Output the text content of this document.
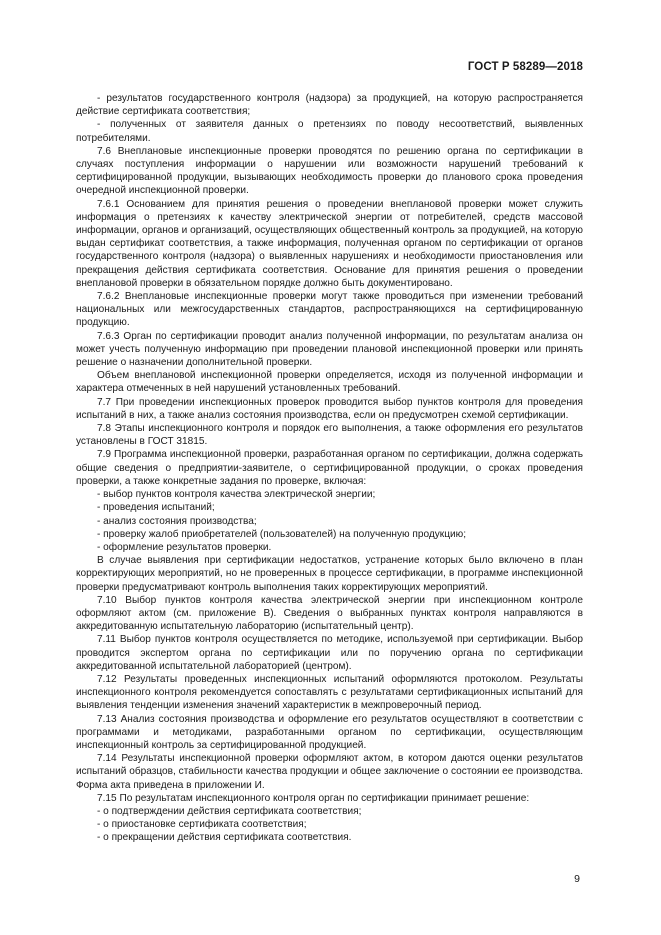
ГОСТ Р 58289—2018

- результатов государственного контроля (надзора) за продукцией, на которую распространяется действие сертификата соответствия;

- полученных от заявителя данных о претензиях по поводу несоответствий, выявленных потребителями.

7.6 Внеплановые инспекционные проверки проводятся по решению органа по сертификации в случаях поступления информации о нарушении или возможности нарушений требований к сертифицированной продукции, вызывающих необходимость проверки до планового срока проведения очередной инспекционной проверки.

7.6.1 Основанием для принятия решения о проведении внеплановой проверки может служить информация о претензиях к качеству электрической энергии от потребителей, средств массовой информации, органов и организаций, осуществляющих общественный контроль за продукцией, на которую выдан сертификат соответствия, а также информация, полученная органом по сертификации от органов государственного контроля (надзора) о выявленных нарушениях и необходимости приостановления или прекращения действия сертификата соответствия. Основание для принятия решения о проведении внеплановой проверки в обязательном порядке должно быть документировано.

7.6.2 Внеплановые инспекционные проверки могут также проводиться при изменении требований национальных или межгосударственных стандартов, распространяющихся на сертифицированную продукцию.

7.6.3 Орган по сертификации проводит анализ полученной информации, по результатам анализа он может учесть полученную информацию при проведении плановой инспекционной проверки или принять решение о назначении дополнительной проверки.

Объем внеплановой инспекционной проверки определяется, исходя из полученной информации и характера отмеченных в ней нарушений установленных требований.

7.7 При проведении инспекционных проверок проводится выбор пунктов контроля для проведения испытаний в них, а также анализ состояния производства, если он предусмотрен схемой сертификации.

7.8 Этапы инспекционного контроля и порядок его выполнения, а также оформления его результатов установлены в ГОСТ 31815.

7.9 Программа инспекционной проверки, разработанная органом по сертификации, должна содержать общие сведения о предприятии-заявителе, о сертифицированной продукции, о сроках проведения проверки, а также конкретные задания по проверке, включая:

- выбор пунктов контроля качества электрической энергии;

- проведения испытаний;

- анализ состояния производства;

- проверку жалоб приобретателей (пользователей) на полученную продукцию;

- оформление результатов проверки.

В случае выявления при сертификации недостатков, устранение которых было включено в план корректирующих мероприятий, но не проверенных в процессе сертификации, в программе инспекционной проверки предусматривают контроль выполнения таких корректирующих мероприятий.

7.10 Выбор пунктов контроля качества электрической энергии при инспекционном контроле оформляют актом (см. приложение В). Сведения о выбранных пунктах контроля направляются в аккредитованную испытательную лабораторию (испытательный центр).

7.11 Выбор пунктов контроля осуществляется по методике, используемой при сертификации. Выбор проводится экспертом органа по сертификации или по поручению органа по сертификации аккредитованной испытательной лабораторией (центром).

7.12 Результаты проведенных инспекционных испытаний оформляются протоколом. Результаты инспекционного контроля рекомендуется сопоставлять с результатами сертификационных испытаний для выявления тенденции изменения значений характеристик в межпроверочный период.

7.13 Анализ состояния производства и оформление его результатов осуществляют в соответствии с программами и методиками, разработанными органом по сертификации, осуществляющим инспекционный контроль за сертифицированной продукцией.

7.14 Результаты инспекционной проверки оформляют актом, в котором даются оценки результатов испытаний образцов, стабильности качества продукции и общее заключение о состоянии ее производства. Форма акта приведена в приложении И.

7.15 По результатам инспекционного контроля орган по сертификации принимает решение:

- о подтверждении действия сертификата соответствия;

- о приостановке сертификата соответствия;

- о прекращении действия сертификата соответствия.

9
